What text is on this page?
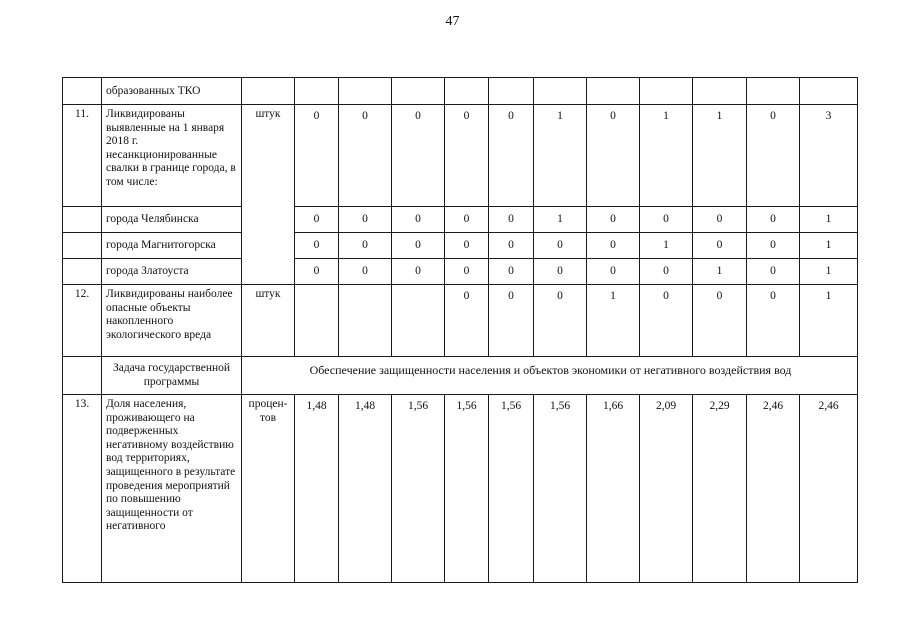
47
	образованных ТКО												
11.	Ликвидированы выявленные на 1 января 2018 г. несанкционированные свалки в границе города, в том числе:	штук	0	0	0	0	0	1	0	1	1	0	3
	города Челябинска		0	0	0	0	0	1	0	0	0	0	1
	города Магнитогорска		0	0	0	0	0	0	0	1	0	0	1
	города Златоуста		0	0	0	0	0	0	0	0	1	0	1
12.	Ликвидированы наиболее опасные объекты накопленного экологического вреда	штук				0	0	0	1	0	0	0	1
	Задача государственной программы	Обеспечение защищенности населения и объектов экономики от негативного воздействия вод											
13.	Доля населения, проживающего на подверженных негативному воздействию вод территориях, защищенного в результате проведения мероприятий по повышению защищенности от негативного	процен-тов	1,48	1,48	1,56	1,56	1,56	1,56	1,66	2,09	2,29	2,46	2,46
